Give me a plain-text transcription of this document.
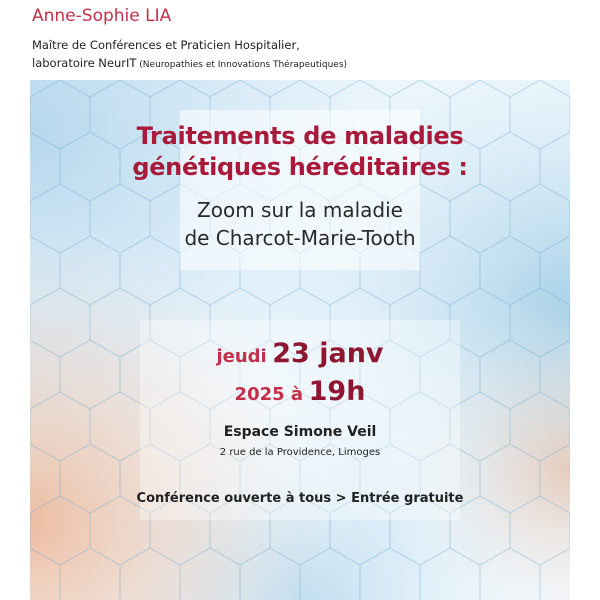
Anne-Sophie LIA
Maître de Conférences et Praticien Hospitalier,
laboratoire NeurIT (Neuropathies et Innovations Thérapeutiques)
Traitements de maladies
génétiques héréditaires :
Zoom sur la maladie
de Charcot-Marie-Tooth
jeudi 23 janv
2025 à 19h
Espace Simone Veil
2 rue de la Providence, Limoges
Conférence ouverte à tous > Entrée gratuite
